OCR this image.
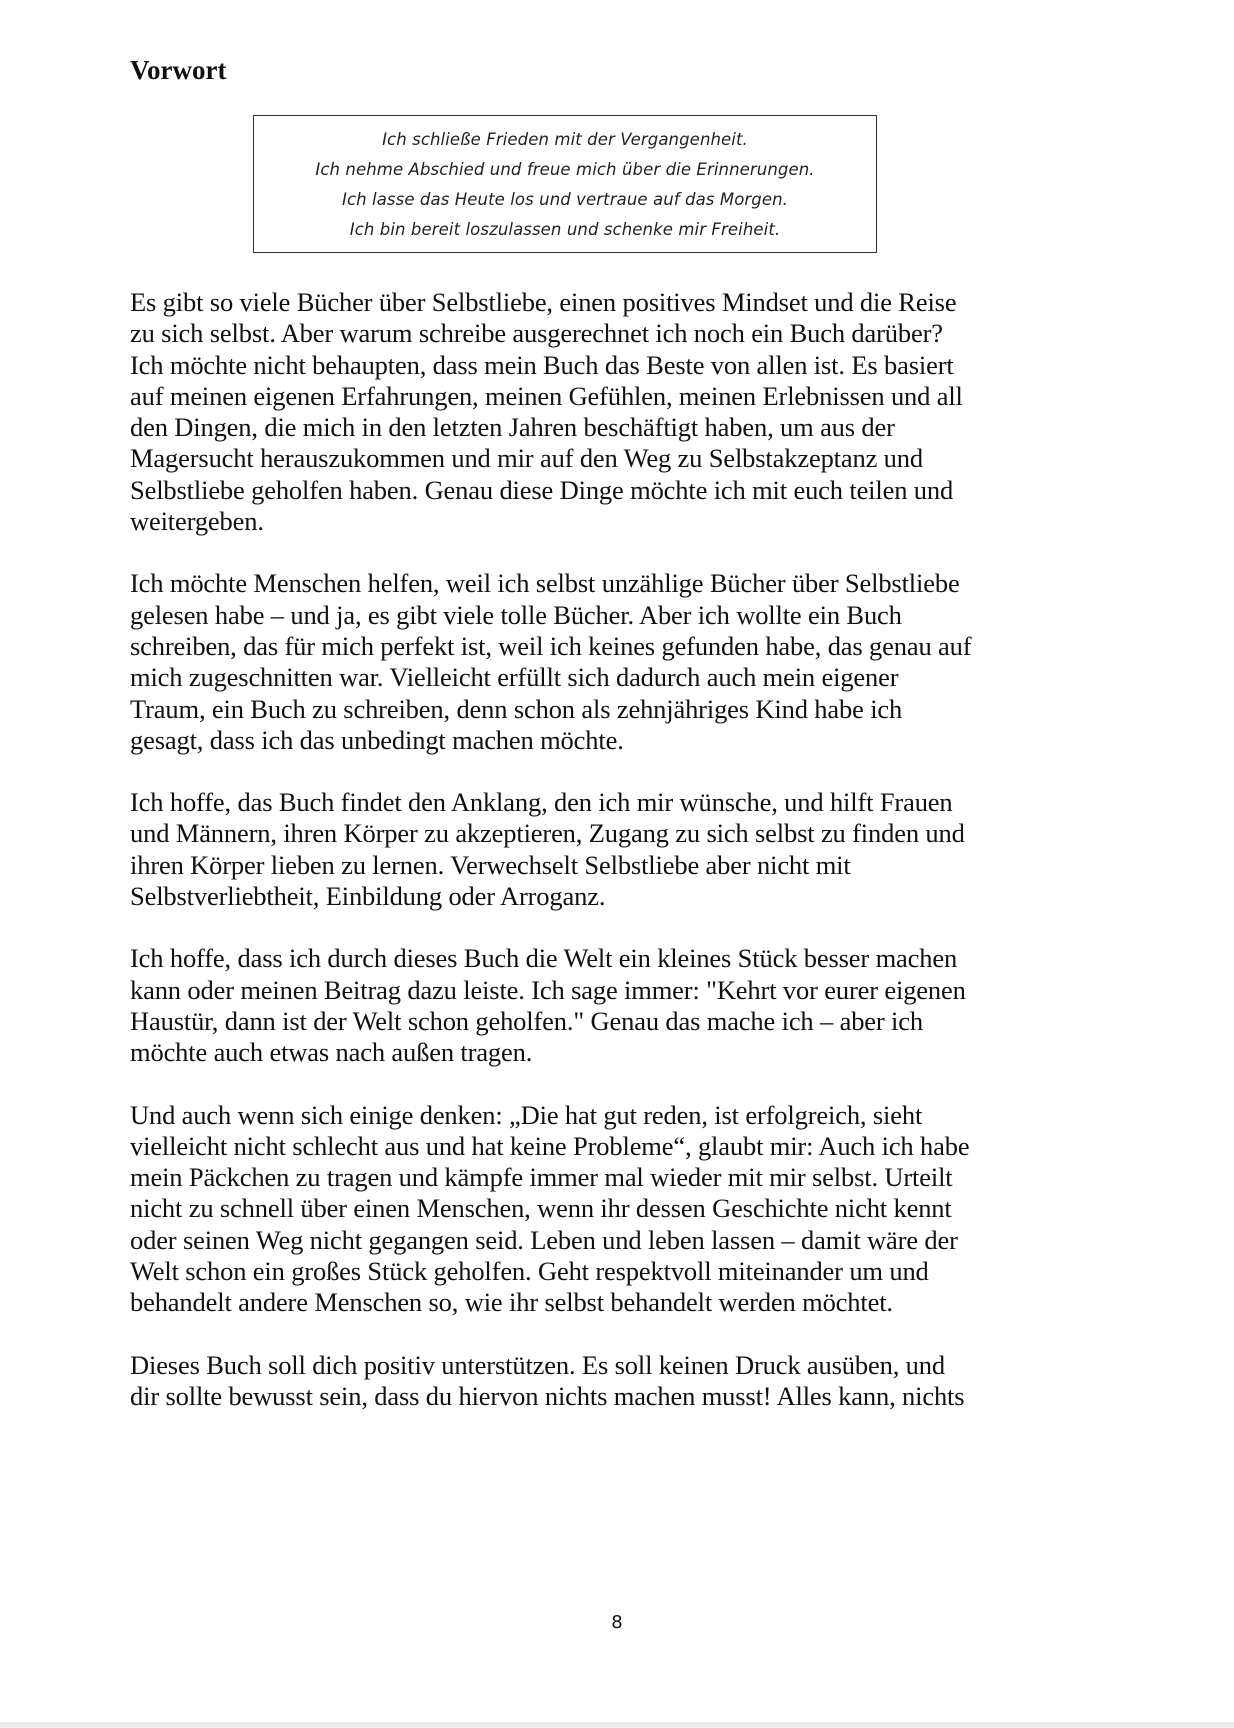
Vorwort
Ich schließe Frieden mit der Vergangenheit.
Ich nehme Abschied und freue mich über die Erinnerungen.
Ich lasse das Heute los und vertraue auf das Morgen.
Ich bin bereit loszulassen und schenke mir Freiheit.

Es gibt so viele Bücher über Selbstliebe, einen positives Mindset und die Reise
zu sich selbst. Aber warum schreibe ausgerechnet ich noch ein Buch darüber?
Ich möchte nicht behaupten, dass mein Buch das Beste von allen ist. Es basiert
auf meinen eigenen Erfahrungen, meinen Gefühlen, meinen Erlebnissen und all
den Dingen, die mich in den letzten Jahren beschäftigt haben, um aus der
Magersucht herauszukommen und mir auf den Weg zu Selbstakzeptanz und
Selbstliebe geholfen haben. Genau diese Dinge möchte ich mit euch teilen und
weitergeben.

Ich möchte Menschen helfen, weil ich selbst unzählige Bücher über Selbstliebe
gelesen habe – und ja, es gibt viele tolle Bücher. Aber ich wollte ein Buch
schreiben, das für mich perfekt ist, weil ich keines gefunden habe, das genau auf
mich zugeschnitten war. Vielleicht erfüllt sich dadurch auch mein eigener
Traum, ein Buch zu schreiben, denn schon als zehnjähriges Kind habe ich
gesagt, dass ich das unbedingt machen möchte.

Ich hoffe, das Buch findet den Anklang, den ich mir wünsche, und hilft Frauen
und Männern, ihren Körper zu akzeptieren, Zugang zu sich selbst zu finden und
ihren Körper lieben zu lernen. Verwechselt Selbstliebe aber nicht mit
Selbstverliebtheit, Einbildung oder Arroganz.

Ich hoffe, dass ich durch dieses Buch die Welt ein kleines Stück besser machen
kann oder meinen Beitrag dazu leiste. Ich sage immer: "Kehrt vor eurer eigenen
Haustür, dann ist der Welt schon geholfen." Genau das mache ich – aber ich
möchte auch etwas nach außen tragen.

Und auch wenn sich einige denken: „Die hat gut reden, ist erfolgreich, sieht
vielleicht nicht schlecht aus und hat keine Probleme“, glaubt mir: Auch ich habe
mein Päckchen zu tragen und kämpfe immer mal wieder mit mir selbst. Urteilt
nicht zu schnell über einen Menschen, wenn ihr dessen Geschichte nicht kennt
oder seinen Weg nicht gegangen seid. Leben und leben lassen – damit wäre der
Welt schon ein großes Stück geholfen. Geht respektvoll miteinander um und
behandelt andere Menschen so, wie ihr selbst behandelt werden möchtet.

Dieses Buch soll dich positiv unterstützen. Es soll keinen Druck ausüben, und
dir sollte bewusst sein, dass du hiervon nichts machen musst! Alles kann, nichts

8
